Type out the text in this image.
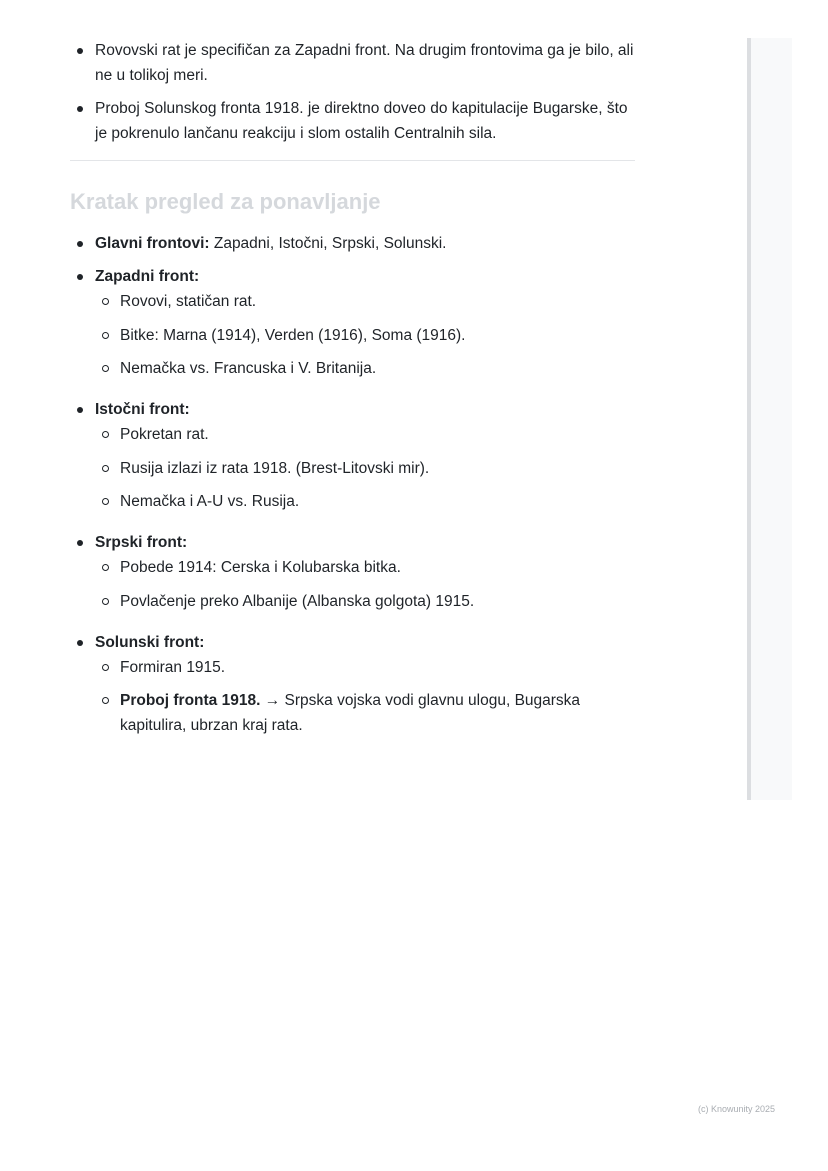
Rovovski rat je specifičan za Zapadni front. Na drugim frontovima ga je bilo, ali ne u tolikoj meri.
Proboj Solunskog fronta 1918. je direktno doveo do kapitulacije Bugarske, što je pokrenulo lančanu reakciju i slom ostalih Centralnih sila.
Kratak pregled za ponavljanje
Glavni frontovi: Zapadni, Istočni, Srpski, Solunski.
Zapadni front:
Rovovi, statičan rat.
Bitke: Marna (1914), Verden (1916), Soma (1916).
Nemačka vs. Francuska i V. Britanija.
Istočni front:
Pokretan rat.
Rusija izlazi iz rata 1918. (Brest-Litovski mir).
Nemačka i A-U vs. Rusija.
Srpski front:
Pobede 1914: Cerska i Kolubarska bitka.
Povlačenje preko Albanije (Albanska golgota) 1915.
Solunski front:
Formiran 1915.
Proboj fronta 1918. → Srpska vojska vodi glavnu ulogu, Bugarska kapitulira, ubrzan kraj rata.
(c) Knowunity 2025
